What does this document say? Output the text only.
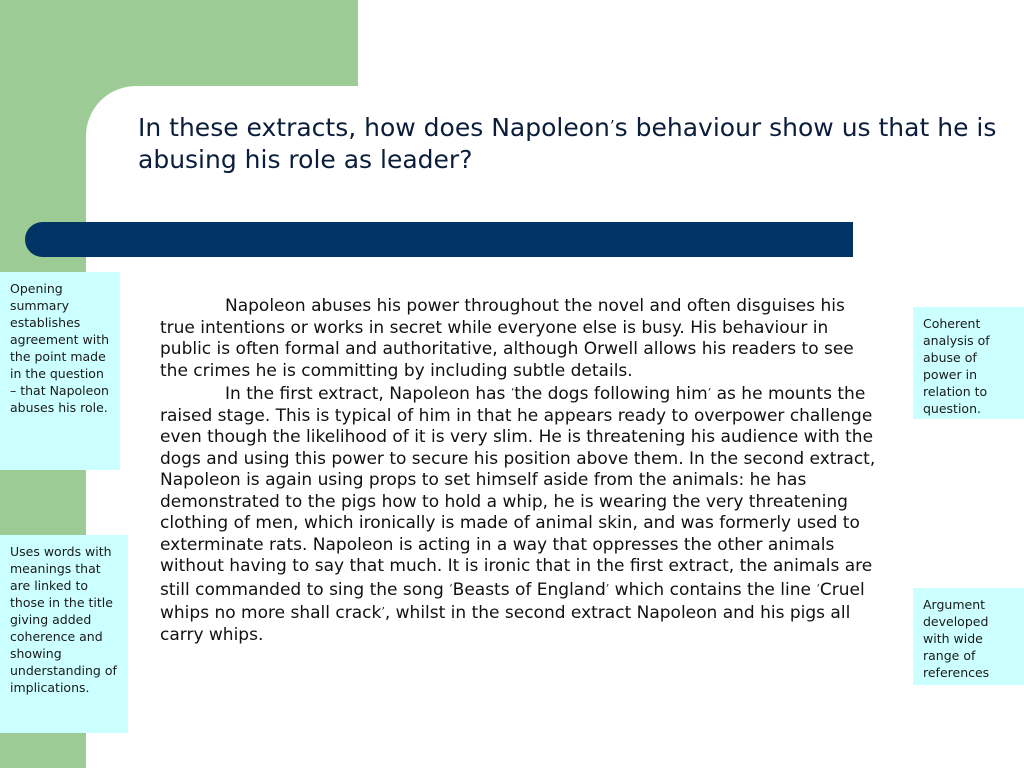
In these extracts, how does Napoleon’s behaviour show us that he is abusing his role as leader?

Napoleon abuses his power throughout the novel and often disguises his true intentions or works in secret while everyone else is busy. His behaviour in public is often formal and authoritative, although Orwell allows his readers to see the crimes he is committing by including subtle details.

In the first extract, Napoleon has ‘the dogs following him’ as he mounts the raised stage. This is typical of him in that he appears ready to overpower challenge even though the likelihood of it is very slim. He is threatening his audience with the dogs and using this power to secure his position above them. In the second extract, Napoleon is again using props to set himself aside from the animals: he has demonstrated to the pigs how to hold a whip, he is wearing the very threatening clothing of men, which ironically is made of animal skin, and was formerly used to exterminate rats. Napoleon is acting in a way that oppresses the other animals without having to say that much. It is ironic that in the first extract, the animals are still commanded to sing the song ‘Beasts of England’ which contains the line ‘Cruel whips no more shall crack’, whilst in the second extract Napoleon and his pigs all carry whips.

Opening summary establishes agreement with the point made in the question – that Napoleon abuses his role.
Uses words with meanings that are linked to those in the title giving added coherence and showing understanding of implications.
Coherent analysis of abuse of power in relation to question.
Argument developed with wide range of references
